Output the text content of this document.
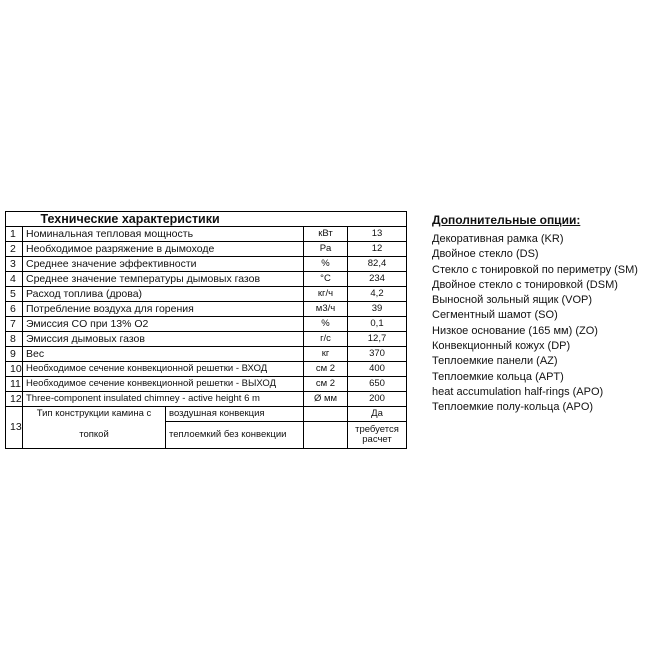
	Технические характеристики			
1	Номинальная тепловая мощность		кВт	13
2	Необходимое разряжение в дымоходе		Pa	12
3	Среднее значение эффективности		%	82,4
4	Среднее значение температуры дымовых газов		°C	234
5	Расход топлива (дрова)		кг/ч	4,2
6	Потребление воздуха для горения		м3/ч	39
7	Эмиссия CO при 13% O2		%	0,1
8	Эмиссия дымовых газов		г/с	12,7
9	Вес		кг	370
10	Необходимое сечение конвекционной решетки - ВХОД		см 2	400
11	Необходимое сечение конвекционной решетки - ВЫХОД		см 2	650
12	Three-component insulated chimney - active height 6 m		Ø мм	200
13	Тип конструкции камина с	воздушная конвекция		Да
	топкой	теплоемкий без конвекции		требуется расчет
Дополнительные опции:
Декоративная рамка (KR)
Двойное стекло (DS)
Стекло с тонировкой по периметру (SM)
Двойное стекло с тонировкой (DSM)
Выносной зольный ящик (VOP)
Сегментный шамот (SO)
Низкое основание (165 мм) (ZO)
Конвекционный кожух (DP)
Теплоемкие панели (AZ)
Теплоемкие кольца (APT)
heat accumulation half-rings (APO)
Теплоемкие полу-кольца (APO)
